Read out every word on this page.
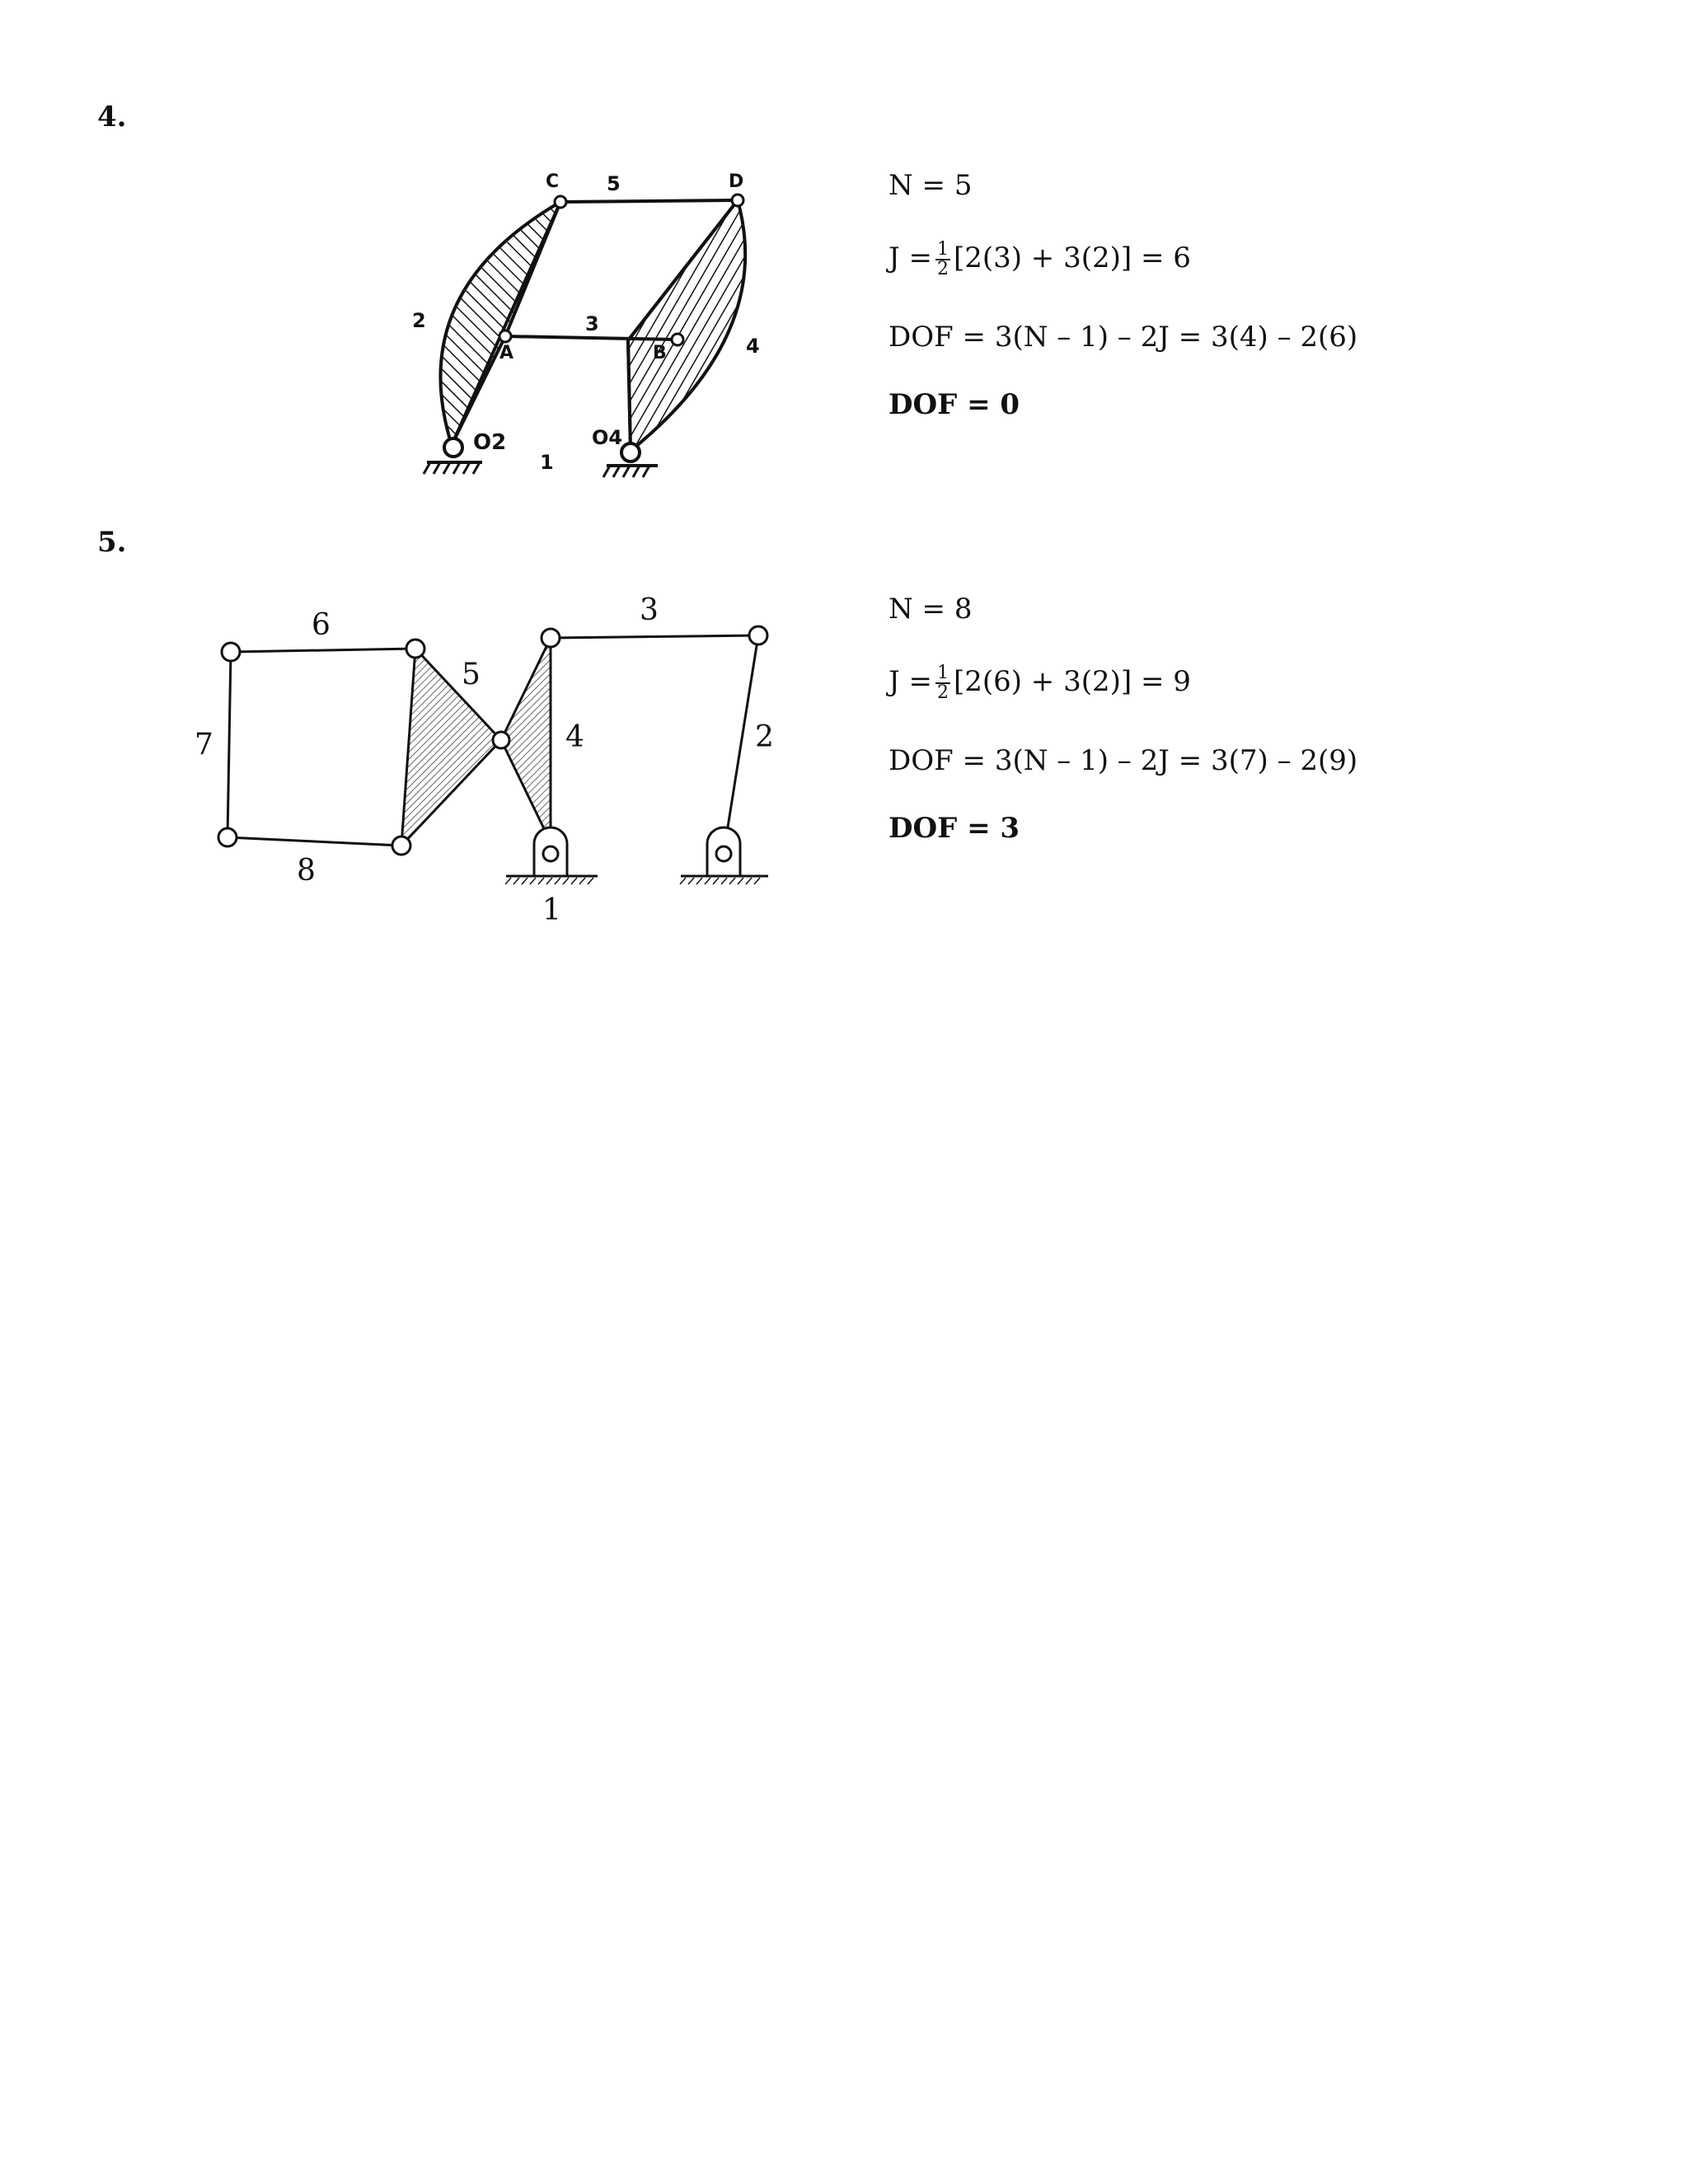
4.
2	3
4
5
1
C	D
A	B
O2	O4
N = 5
$J = \frac{1}{2} [2(3) + 3(2)] = 6$
DOF = 3(N – 1) – 2J = 3(4) – 2(6)
DOF = 0
5.
6	3
5
7	4	2
8
1
N = 8
$J = \frac{1}{2} [2(6) + 3(2)] = 9$
DOF = 3(N – 1) – 2J = 3(7) – 2(9)
DOF = 3
